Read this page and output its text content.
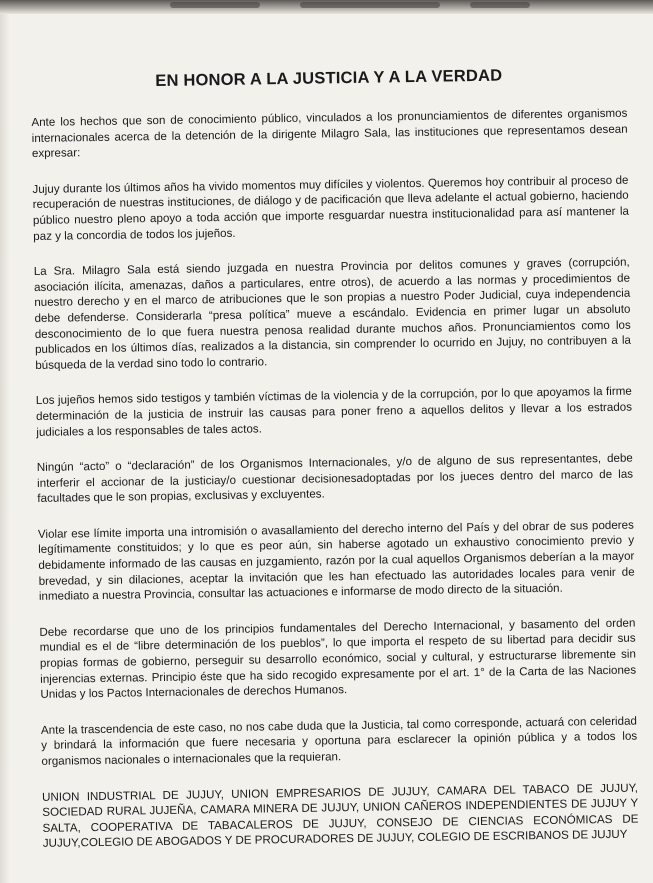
EN HONOR A LA JUSTICIA Y A LA VERDAD

Ante los hechos que son de conocimiento público, vinculados a los pronunciamientos de diferentes organismos internacionales acerca de la detención de la dirigente Milagro Sala, las instituciones que representamos desean expresar:

Jujuy durante los últimos años ha vivido momentos muy difíciles y violentos. Queremos hoy contribuir al proceso de recuperación de nuestras instituciones, de diálogo y de pacificación que lleva adelante el actual gobierno, haciendo público nuestro pleno apoyo a toda acción que importe resguardar nuestra institucionalidad para así mantener la paz y la concordia de todos los jujeños.

La Sra. Milagro Sala está siendo juzgada en nuestra Provincia por delitos comunes y graves (corrupción, asociación ilícita, amenazas, daños a particulares, entre otros), de acuerdo a las normas y procedimientos de nuestro derecho y en el marco de atribuciones que le son propias a nuestro Poder Judicial, cuya independencia debe defenderse. Considerarla “presa política” mueve a escándalo. Evidencia en primer lugar un absoluto desconocimiento de lo que fuera nuestra penosa realidad durante muchos años. Pronunciamientos como los publicados en los últimos días, realizados a la distancia, sin comprender lo ocurrido en Jujuy, no contribuyen a la búsqueda de la verdad sino todo lo contrario.

Los jujeños hemos sido testigos y también víctimas de la violencia y de la corrupción, por lo que apoyamos la firme determinación de la justicia de instruir las causas para poner freno a aquellos delitos y llevar a los estrados judiciales a los responsables de tales actos.

Ningún “acto” o “declaración” de los Organismos Internacionales, y/o de alguno de sus representantes, debe interferir el accionar de la justiciay/o cuestionar decisionesadoptadas por los jueces dentro del marco de las facultades que le son propias, exclusivas y excluyentes.

Violar ese límite importa una intromisión o avasallamiento del derecho interno del País y del obrar de sus poderes legítimamente constituidos; y lo que es peor aún, sin haberse agotado un exhaustivo conocimiento previo y debidamente informado de las causas en juzgamiento, razón por la cual aquellos Organismos deberían a la mayor brevedad, y sin dilaciones, aceptar la invitación que les han efectuado las autoridades locales para venir de inmediato a nuestra Provincia, consultar las actuaciones e informarse de modo directo de la situación.

Debe recordarse que uno de los principios fundamentales del Derecho Internacional, y basamento del orden mundial es el de “libre determinación de los pueblos”, lo que importa el respeto de su libertad para decidir sus propias formas de gobierno, perseguir su desarrollo económico, social y cultural, y estructurarse libremente sin injerencias externas. Principio éste que ha sido recogido expresamente por el art. 1° de la Carta de las Naciones Unidas y los Pactos Internacionales de derechos Humanos.

Ante la trascendencia de este caso, no nos cabe duda que la Justicia, tal como corresponde, actuará con celeridad y brindará la información que fuere necesaria y oportuna para esclarecer la opinión pública y a todos los organismos nacionales o internacionales que la requieran.

UNION INDUSTRIAL DE JUJUY, UNION EMPRESARIOS DE JUJUY, CAMARA DEL TABACO DE JUJUY, SOCIEDAD RURAL JUJEÑA, CAMARA MINERA DE JUJUY, UNION CAÑEROS INDEPENDIENTES DE JUJUY Y SALTA, COOPERATIVA DE TABACALEROS DE JUJUY, CONSEJO DE CIENCIAS ECONÓMICAS DE JUJUY,COLEGIO DE ABOGADOS Y DE PROCURADORES DE JUJUY, COLEGIO DE ESCRIBANOS DE JUJUY
